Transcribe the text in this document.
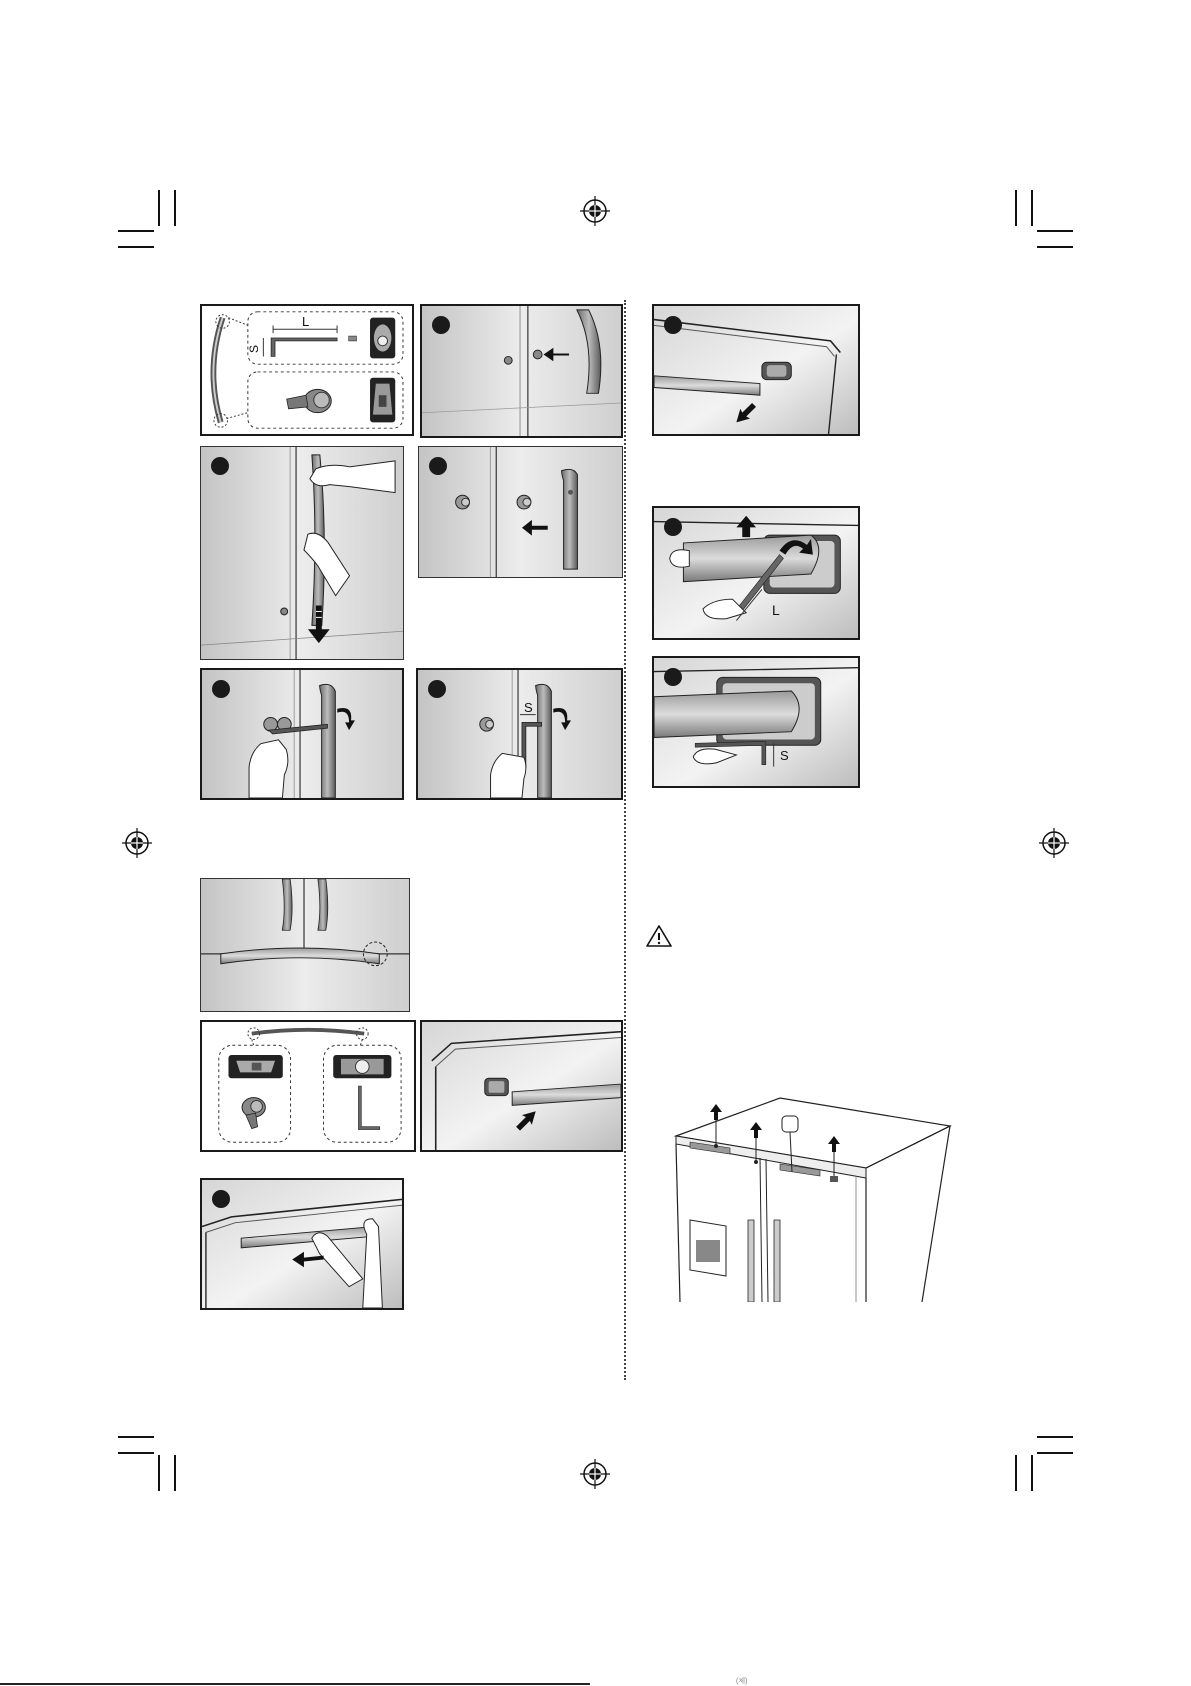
L
S
S
L
S
(체)
